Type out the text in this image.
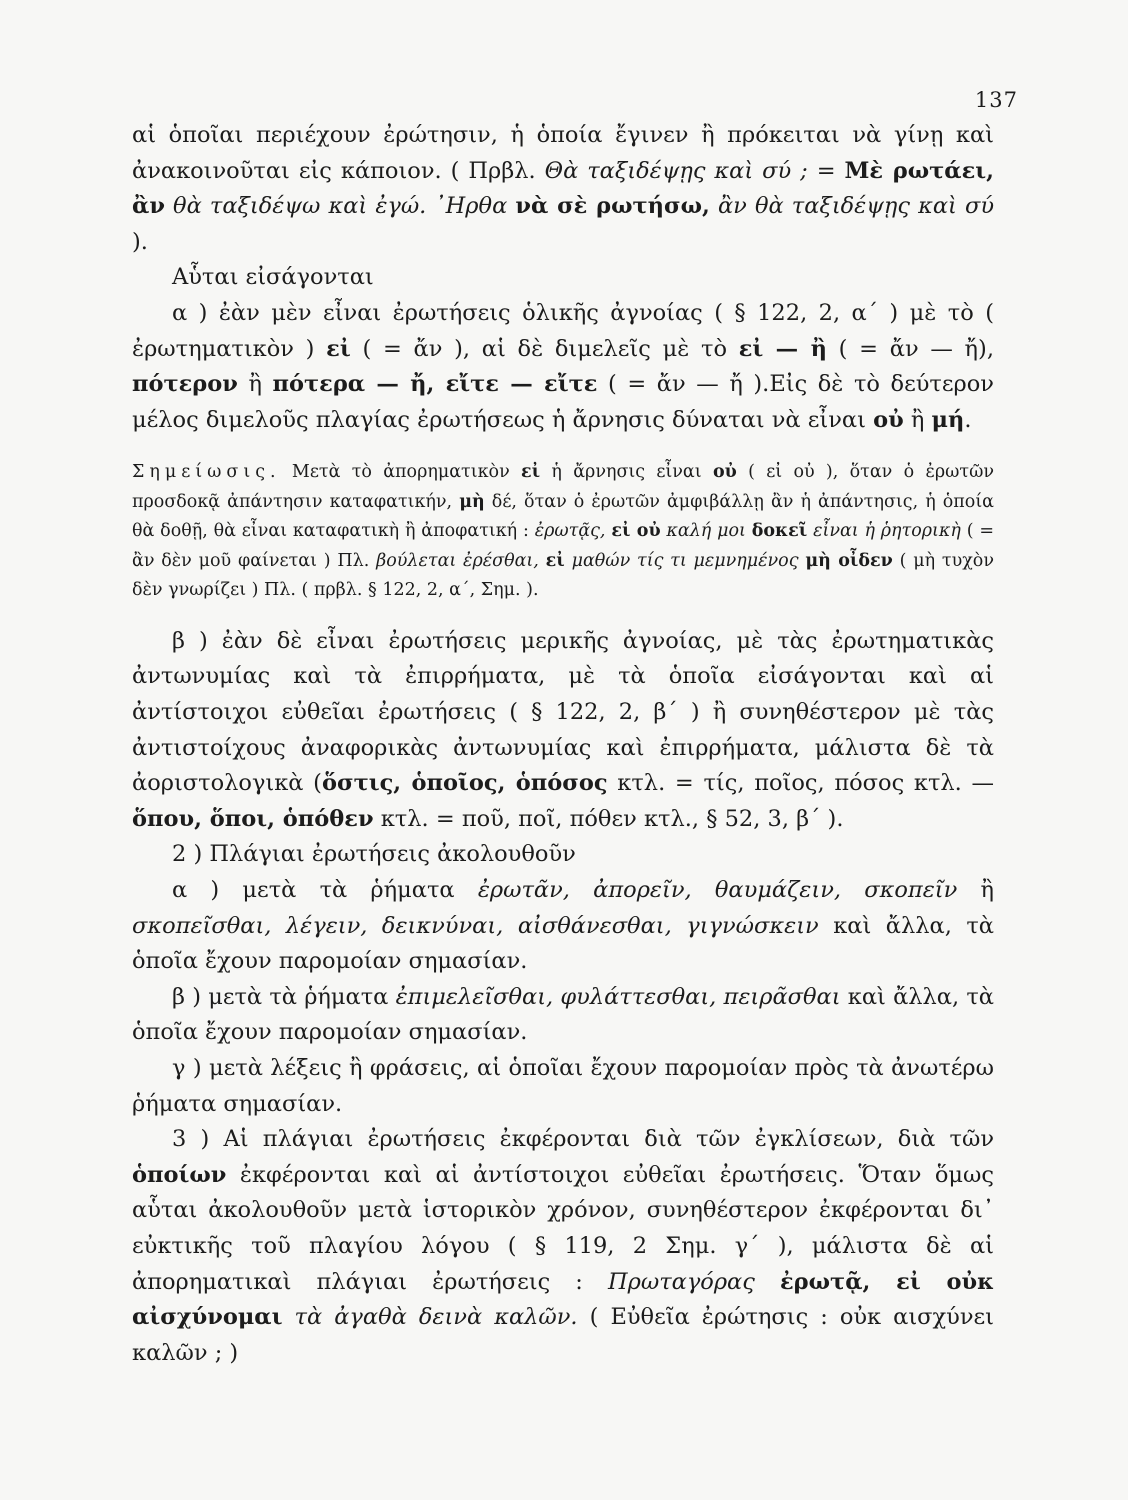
137

αἱ ὁποῖαι περιέχουν ἐρώτησιν, ἡ ὁποία ἔγινεν ἢ πρόκειται νὰ γίνῃ καὶ ἀνακοινοῦται εἰς κάποιον. ( Πρβλ. Θὰ ταξιδέψῃς καὶ σύ ; = Μὲ ρωτάει, ἂν θὰ ταξιδέψω καὶ ἐγώ. ᾿Ηρθα νὰ σὲ ρωτήσω, ἂν θὰ ταξιδέψῃς καὶ σύ ).

Αὗται εἰσάγονται

α ) ἐὰν μὲν εἶναι ἐρωτήσεις ὁλικῆς ἀγνοίας ( § 122, 2, α΄ ) μὲ τὸ ( ἐρωτηματικὸν ) εἰ ( = ἄν ), αἱ δὲ διμελεῖς μὲ τὸ εἰ — ἢ ( = ἄν — ἤ), πότερον ἢ πότερα — ἤ, εἴτε — εἴτε ( = ἄν — ἤ ).Εἰς δὲ τὸ δεύτερον μέλος διμελοῦς πλαγίας ἐρωτήσεως ἡ ἄρνησις δύναται νὰ εἶναι οὐ ἢ μή.

Σημείωσις. Μετὰ τὸ ἀπορηματικὸν εἰ ἡ ἄρνησις εἶναι οὐ ( εἰ οὐ ), ὅταν ὁ ἐρωτῶν προσδοκᾷ ἀπάντησιν καταφατικήν, μὴ δέ, ὅταν ὁ ἐρωτῶν ἀμφιβάλλῃ ἂν ἡ ἀπάντησις, ἡ ὁποία θὰ δοθῇ, θὰ εἶναι καταφατικὴ ἢ ἀποφατική : ἐρωτᾷς, εἰ οὐ καλή μοι δοκεῖ εἶναι ἡ ῥητορικὴ ( = ἂν δὲν μοῦ φαίνεται ) Πλ. βούλεται ἐρέσθαι, εἰ μαθών τίς τι μεμνημένος μὴ οἶδεν ( μὴ τυχὸν δὲν γνωρίζει ) Πλ. ( πρβλ. § 122, 2, α΄, Σημ. ).

β ) ἐὰν δὲ εἶναι ἐρωτήσεις μερικῆς ἀγνοίας, μὲ τὰς ἐρωτηματικὰς ἀντωνυμίας καὶ τὰ ἐπιρρήματα, μὲ τὰ ὁποῖα εἰσάγονται καὶ αἱ ἀντίστοιχοι εὐθεῖαι ἐρωτήσεις ( § 122, 2, β΄ ) ἢ συνηθέστερον μὲ τὰς ἀντιστοίχους ἀναφορικὰς ἀντωνυμίας καὶ ἐπιρρήματα, μάλιστα δὲ τὰ ἀοριστολογικὰ (ὅστις, ὁποῖος, ὁπόσος κτλ. = τίς, ποῖος, πόσος κτλ. — ὅπου, ὅποι, ὁπόθεν κτλ. = ποῦ, ποῖ, πόθεν κτλ., § 52, 3, β΄ ).

2 ) Πλάγιαι ἐρωτήσεις ἀκολουθοῦν

α ) μετὰ τὰ ῥήματα ἐρωτᾶν, ἀπορεῖν, θαυμάζειν, σκοπεῖν ἢ σκοπεῖσθαι, λέγειν, δεικνύναι, αἰσθάνεσθαι, γιγνώσκειν καὶ ἄλλα, τὰ ὁποῖα ἔχουν παρομοίαν σημασίαν.

β ) μετὰ τὰ ῥήματα ἐπιμελεῖσθαι, φυλάττεσθαι, πειρᾶσθαι καὶ ἄλλα, τὰ ὁποῖα ἔχουν παρομοίαν σημασίαν.

γ ) μετὰ λέξεις ἢ φράσεις, αἱ ὁποῖαι ἔχουν παρομοίαν πρὸς τὰ ἀνωτέρω ῥήματα σημασίαν.

3 ) Αἱ πλάγιαι ἐρωτήσεις ἐκφέρονται διὰ τῶν ἐγκλίσεων, διὰ τῶν ὁποίων ἐκφέρονται καὶ αἱ ἀντίστοιχοι εὐθεῖαι ἐρωτήσεις. Ὅταν ὅμως αὗται ἀκολουθοῦν μετὰ ἱστορικὸν χρόνον, συνηθέστερον ἐκφέρονται δι᾿ εὐκτικῆς τοῦ πλαγίου λόγου ( § 119, 2 Σημ. γ΄ ), μάλιστα δὲ αἱ ἀπορηματικαὶ πλάγιαι ἐρωτήσεις : Πρωταγόρας ἐρωτᾷ, εἰ οὐκ αἰσχύνομαι τὰ ἀγαθὰ δεινὰ καλῶν. ( Εὐθεῖα ἐρώτησις : οὐκ αισχύνει καλῶν ; )
